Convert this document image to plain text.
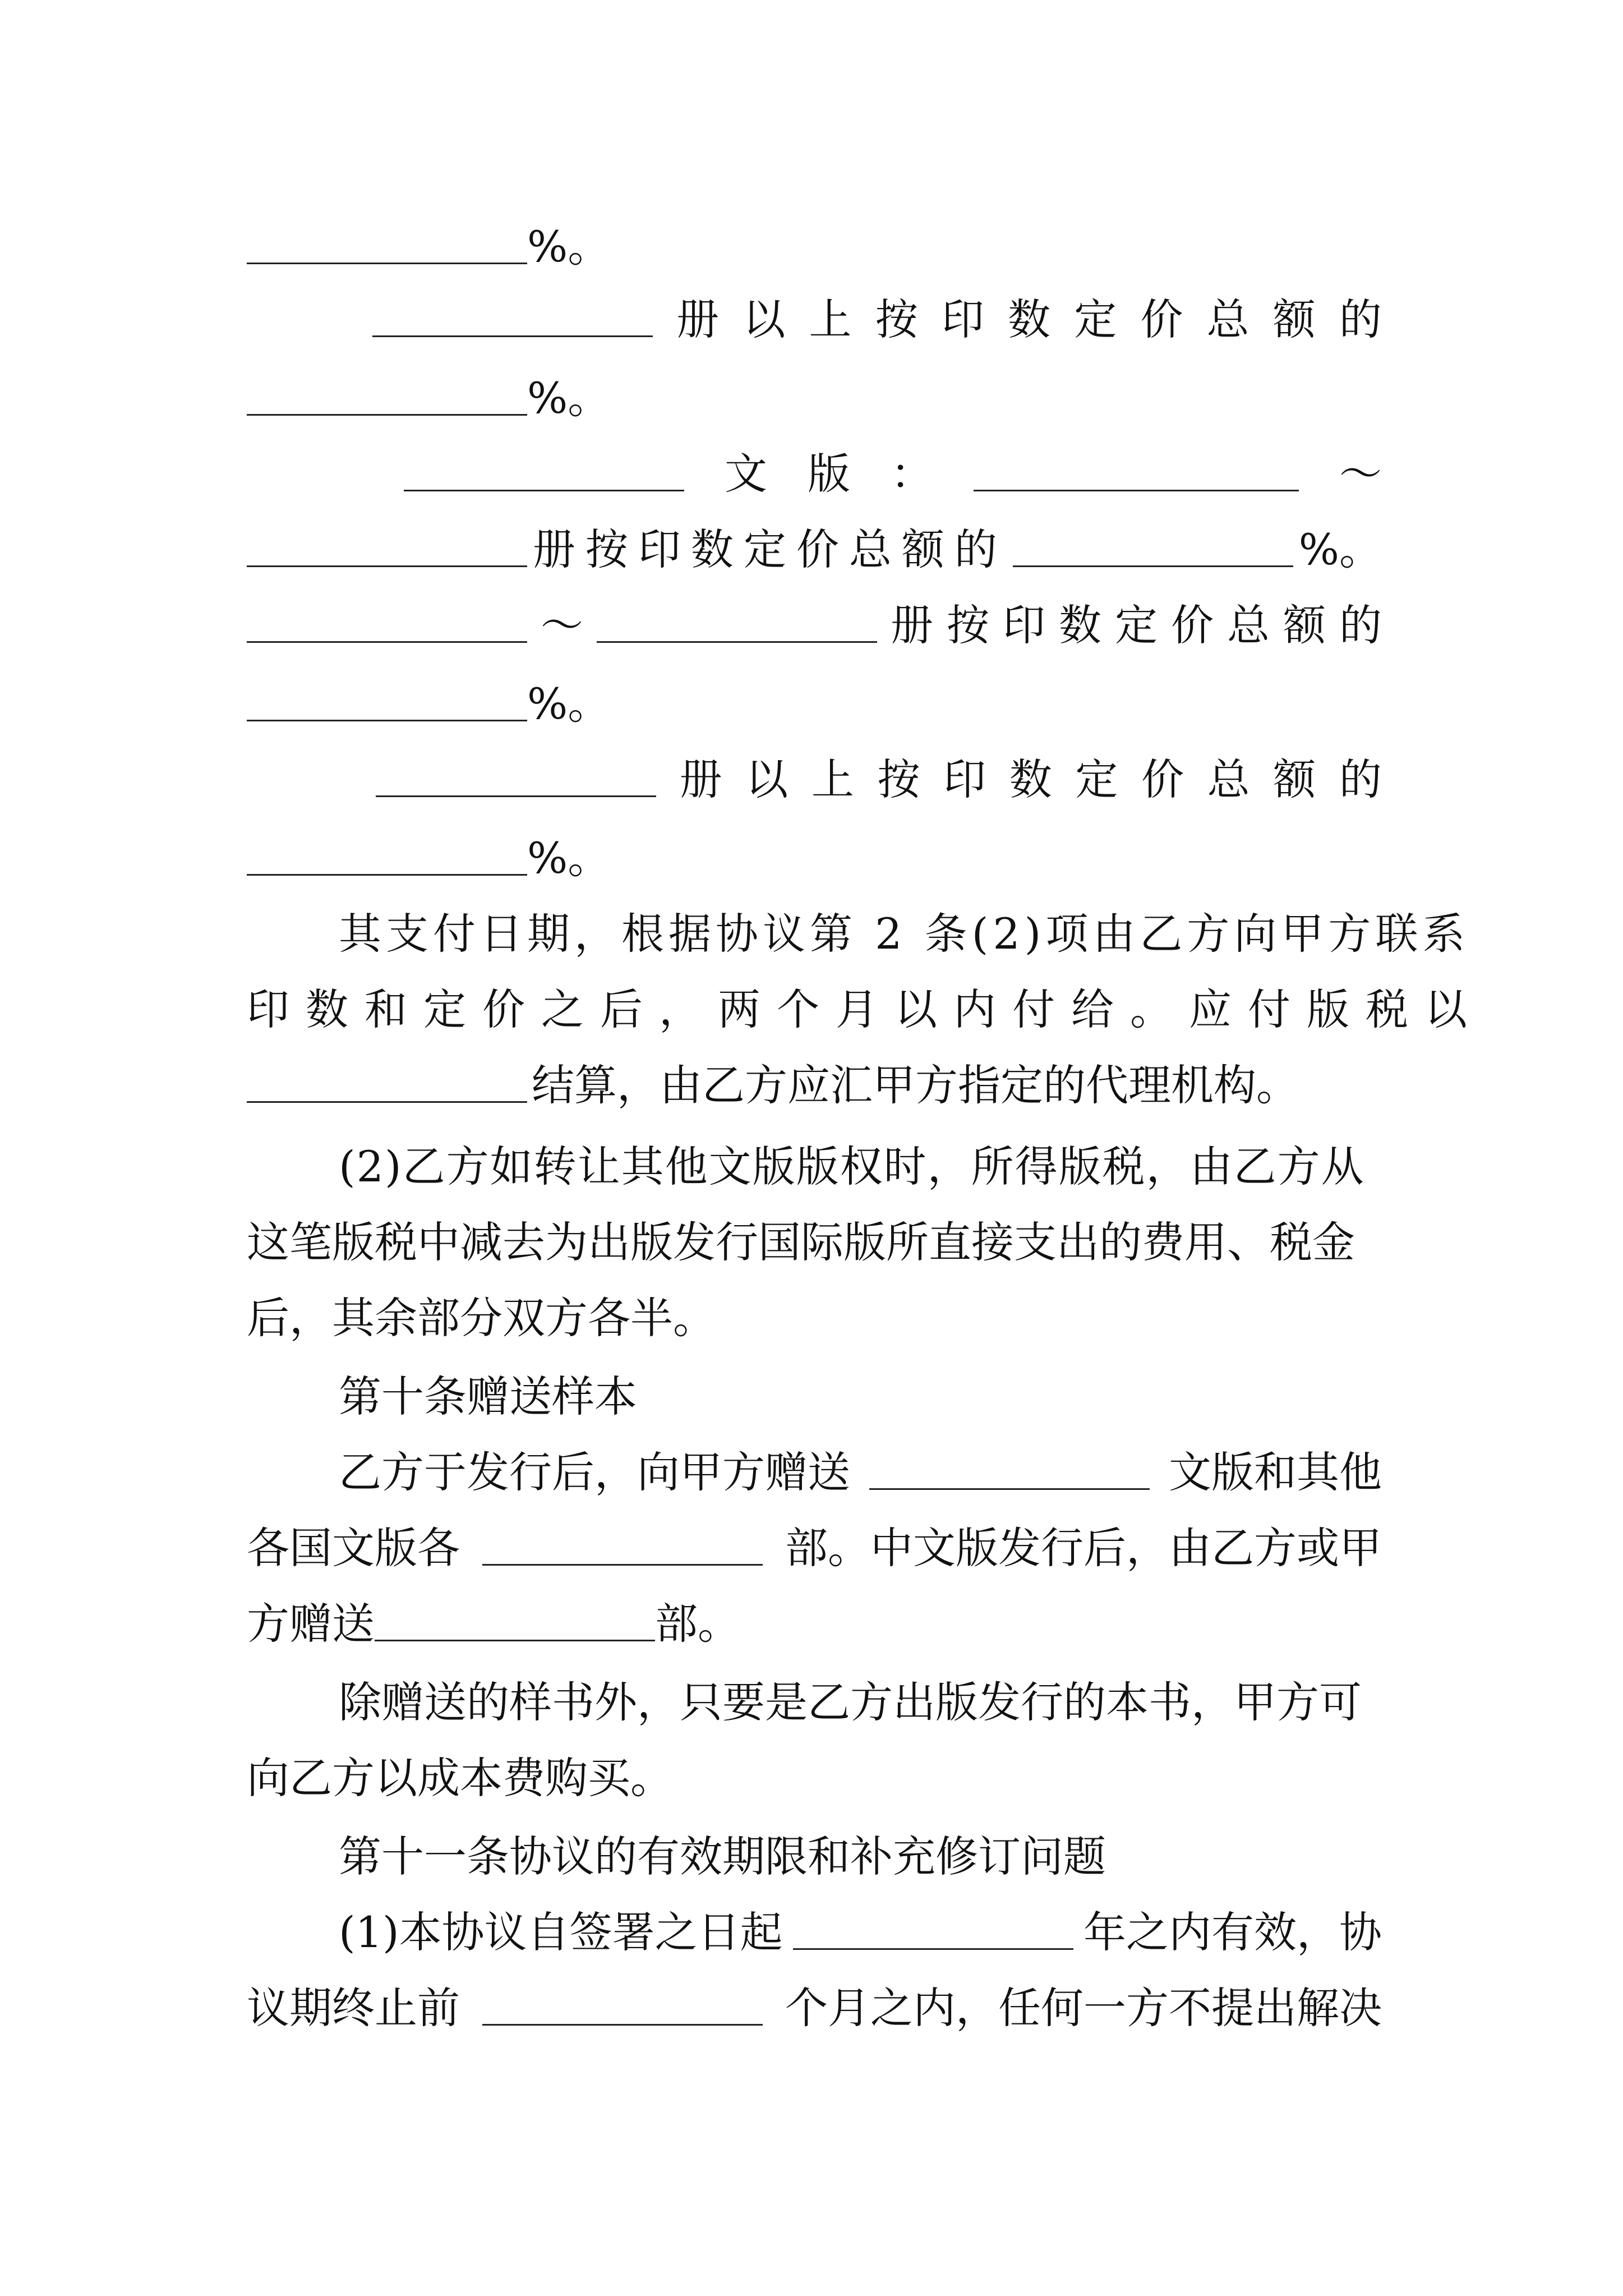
%。
册 以 上 按 印 数 定 价 总 额 的
%。
文 版 ：	～
册按印数定价总额的	%。
～	册 按 印 数 定 价 总 额 的
%。
册 以 上 按 印 数 定 价 总 额 的
%。
其支付日期，根据协议第 2 条(2)项由乙方向甲方联系
印数和定价之后，两个月以内付给。应付版税以
结算，由乙方应汇甲方指定的代理机构。
(2)乙方如转让其他文版版权时，所得版税，由乙方从
这笔版税中减去为出版发行国际版所直接支出的费用、税金
后，其余部分双方各半。
第十条赠送样本
乙方于发行后，向甲方赠送	文版和其他
各国文版各	部。中文版发行后，由乙方或甲
方赠送	部。
除赠送的样书外，只要是乙方出版发行的本书，甲方可
向乙方以成本费购买。
第十一条协议的有效期限和补充修订问题
(1)本协议自签署之日起	年之内有效，协
议期终止前	个月之内，任何一方不提出解决
